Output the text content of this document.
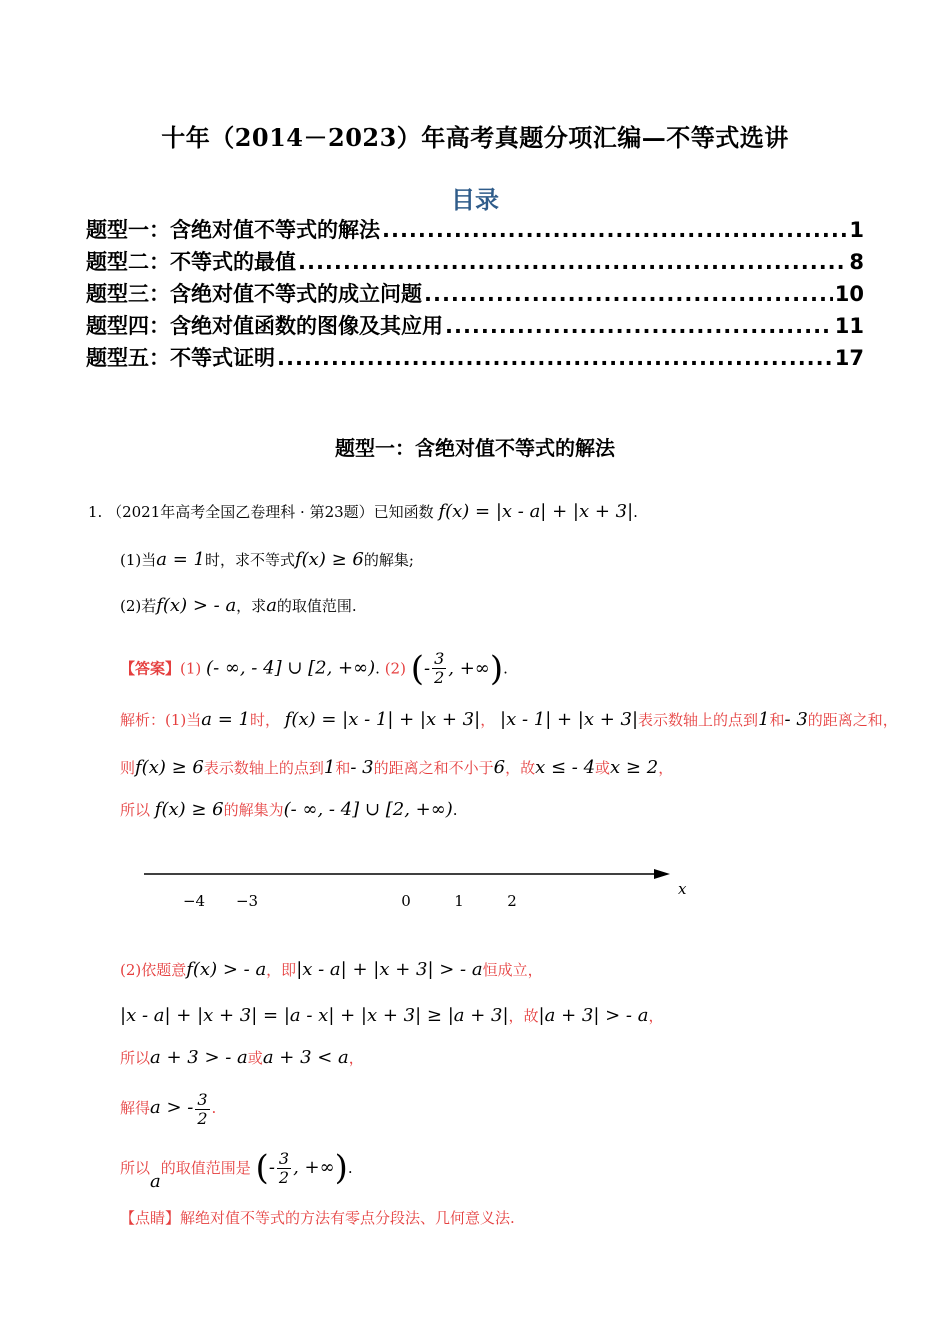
十年（2014－2023）年高考真题分项汇编—不等式选讲
目录
题型一：含绝对值不等式的解法 .....	1
题型二：不等式的最值 .....	8
题型三：含绝对值不等式的成立问题 .....	10
题型四：含绝对值函数的图像及其应用 .....	11
题型五：不等式证明 .....	17
题型一：含绝对值不等式的解法
1. （2021年高考全国乙卷理科 · 第23题）已知函数 f(x) = |x - a| + |x + 3|.
(1)当a = 1时，求不等式f(x) ≥ 6的解集;
(2)若f(x) > - a，求a的取值范围.
【答案】(1) (- ∞, - 4] ∪ [2, +∞). (2) (- $\frac{3}{2}$ , +∞).
解析：(1)当a = 1时， f(x) = |x - 1| + |x + 3|， |x - 1| + |x + 3|表示数轴上的点到1和- 3的距离之和，
则f(x) ≥ 6表示数轴上的点到1和- 3的距离之和不小于6，故x ≤ - 4或x ≥ 2，
所以 f(x) ≥ 6的解集为(- ∞, - 4] ∪ [2, +∞).
x
−4 −3	0	1	2
(2)依题意f(x) > - a，即|x - a| + |x + 3| > - a恒成立，
|x - a| + |x + 3| = |a - x| + |x + 3| ≥ |a + 3|，故|a + 3| > - a，
所以a + 3 > - a或a + 3 < a，
解得a > - $\frac{3}{2}$ .
所以a的取值范围是 (- $\frac{3}{2}$ , +∞).
【点睛】解绝对值不等式的方法有零点分段法、几何意义法.
